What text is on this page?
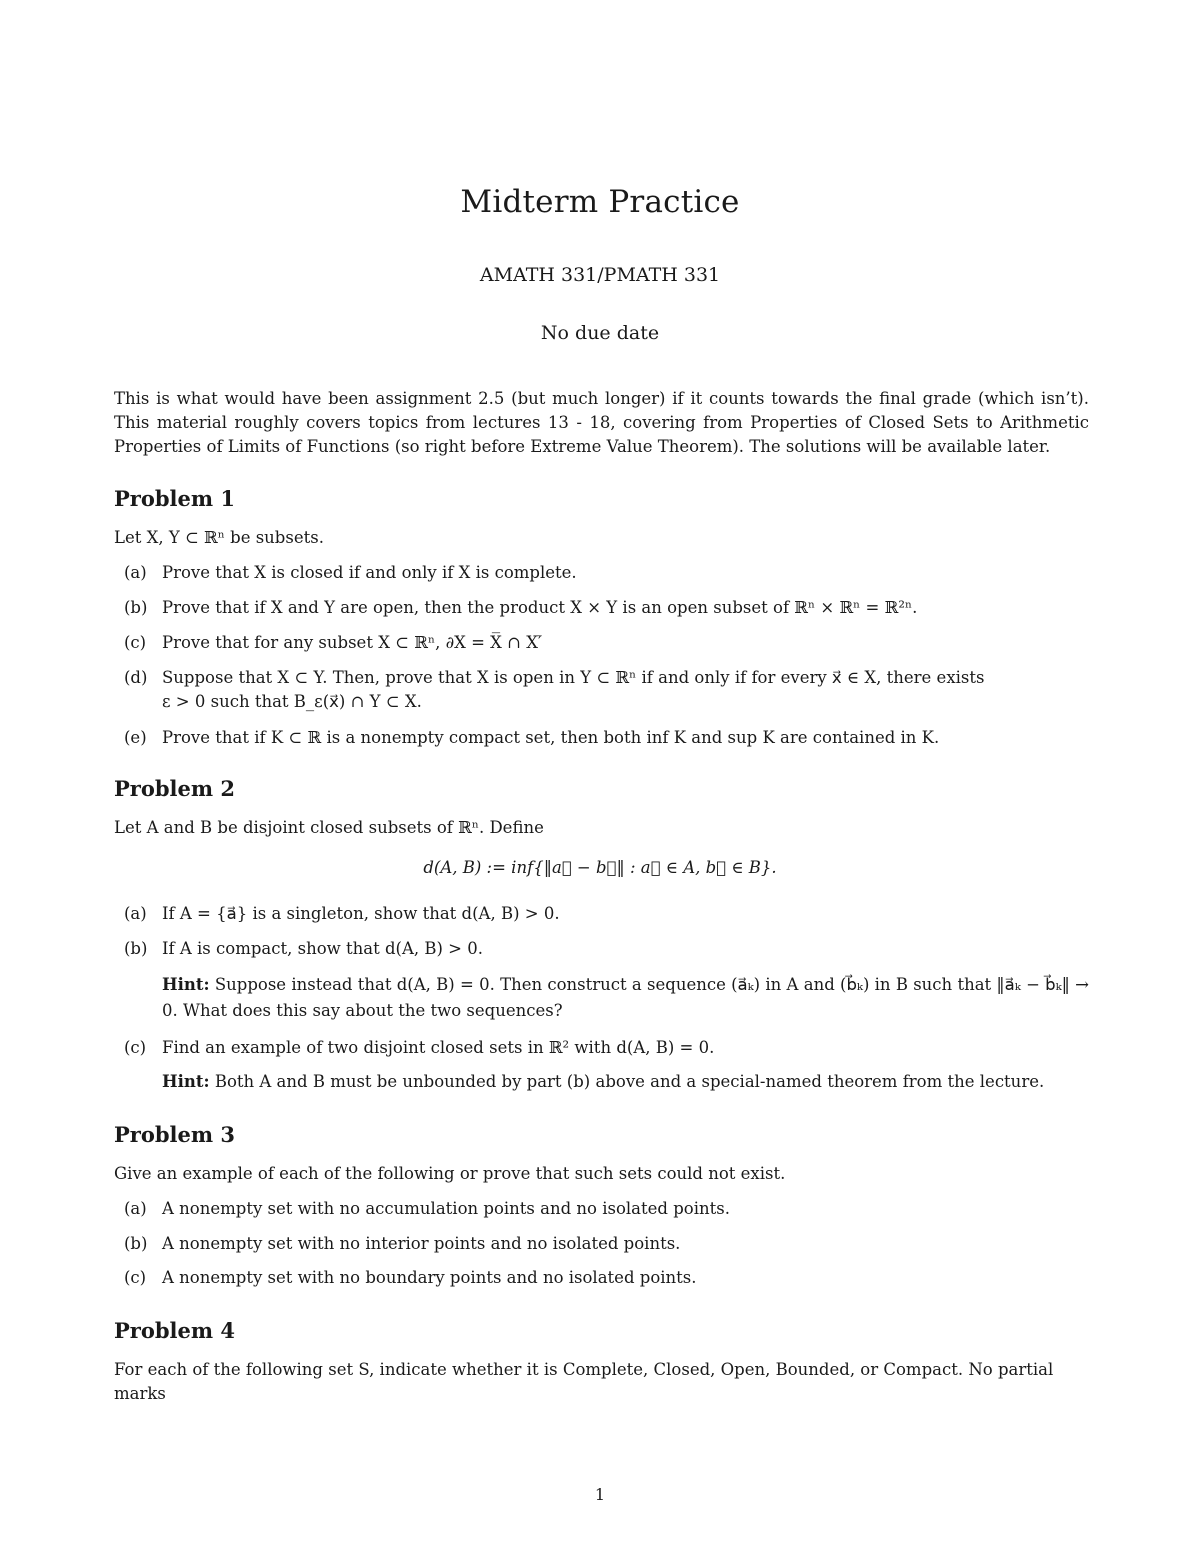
Midterm Practice

AMATH 331/PMATH 331

No due date

This is what would have been assignment 2.5 (but much longer) if it counts towards the final grade (which isn’t). This material roughly covers topics from lectures 13 - 18, covering from Properties of Closed Sets to Arithmetic Properties of Limits of Functions (so right before Extreme Value Theorem). The solutions will be available later.

Problem 1

Let X, Y ⊂ ℝⁿ be subsets.

(a) Prove that X is closed if and only if X is complete.
(b) Prove that if X and Y are open, then the product X × Y is an open subset of ℝⁿ × ℝⁿ = ℝ²ⁿ.
(c) Prove that for any subset X ⊂ ℝⁿ, ∂X = X̅ ∩ X′̅
(d) Suppose that X ⊂ Y. Then, prove that X is open in Y ⊂ ℝⁿ if and only if for every x⃗ ∈ X, there exists
ε > 0 such that B_ε(x⃗) ∩ Y ⊂ X.
(e) Prove that if K ⊂ ℝ is a nonempty compact set, then both inf K and sup K are contained in K.
Problem 2

Let A and B be disjoint closed subsets of ℝⁿ. Define

d(A, B) := inf{‖a⃗ − b⃗‖ : a⃗ ∈ A, b⃗ ∈ B}.
(a) If A = {a⃗} is a singleton, show that d(A, B) > 0.
(b) If A is compact, show that d(A, B) > 0.
Hint: Suppose instead that d(A, B) = 0. Then construct a sequence (a⃗ₖ) in A and (b⃗ₖ) in B such that ‖a⃗ₖ − b⃗ₖ‖ → 0. What does this say about the two sequences?
(c) Find an example of two disjoint closed sets in ℝ² with d(A, B) = 0.
Hint: Both A and B must be unbounded by part (b) above and a special-named theorem from the lecture.
Problem 3

Give an example of each of the following or prove that such sets could not exist.

(a) A nonempty set with no accumulation points and no isolated points.
(b) A nonempty set with no interior points and no isolated points.
(c) A nonempty set with no boundary points and no isolated points.
Problem 4

For each of the following set S, indicate whether it is Complete, Closed, Open, Bounded, or Compact. No partial marks

1
